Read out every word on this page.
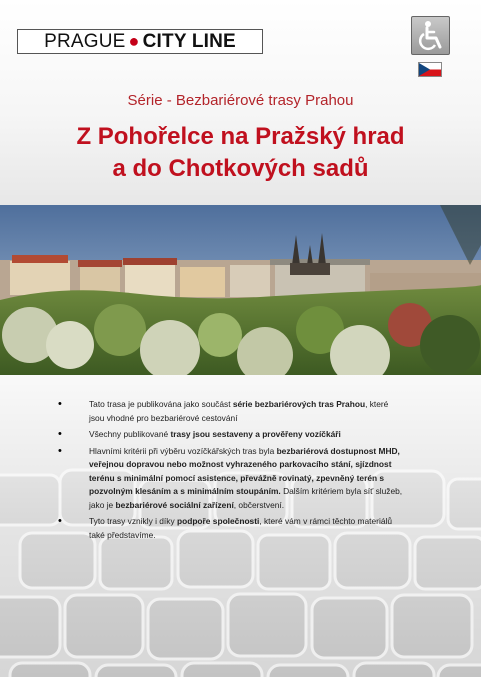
PRAGUE ● CITY LINE
Série - Bezbariérové trasy Prahou
Z Pohořelce na Pražský hrad
a do Chotkových sadů
• Tato trasa je publikována jako součást série bezbariérových tras Prahou, které jsou vhodné pro bezbariérové cestování
• Všechny publikované trasy jsou sestaveny a prověřeny vozíčkáři
• Hlavními kritérii při výběru vozíčkářských tras byla bezbariérová dostupnost MHD, veřejnou dopravou nebo možnost vyhrazeného parkovacího stání, sjízdnost terénu s minimální pomocí asistence, převážně rovinatý, zpevněný terén s pozvolným klesáním a s minimálním stoupáním. Dalším kritériem byla síť služeb, jako je bezbariérové sociální zařízení, občerstvení.
• Tyto trasy vznikly i díky podpoře společnosti, které vám v rámci těchto materiálů také představíme.
